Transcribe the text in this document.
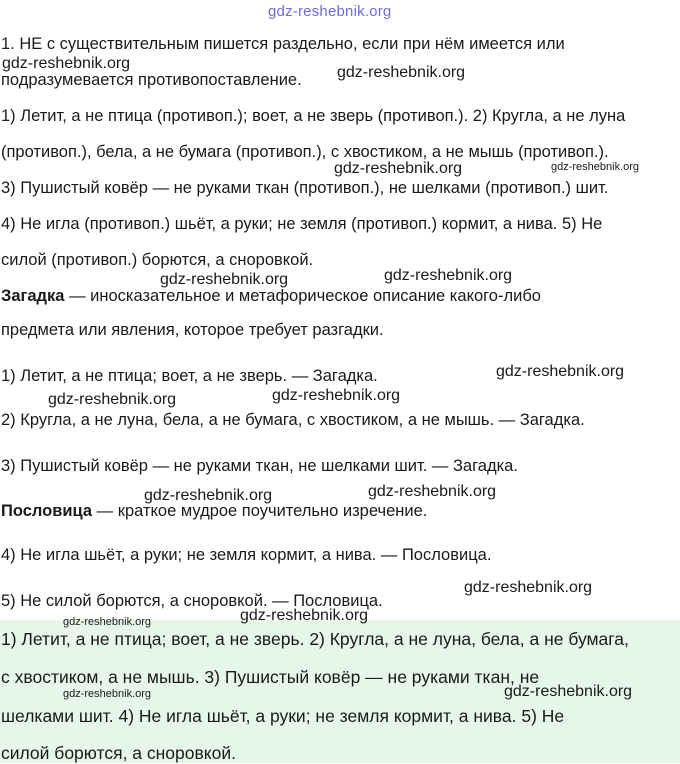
gdz-reshebnik.org

1. НЕ с существительным пишется раздельно, если при нём имеется или

подразумевается противопоставление.

1) Летит, а не птица (противоп.); воет, а не зверь (противоп.). 2) Кругла, а не луна

(противоп.), бела, а не бумага (противоп.), с хвостиком, а не мышь (противоп.).

3) Пушистый ковёр — не руками ткан (противоп.), не шелками (противоп.) шит.

4) Не игла (противоп.) шьёт, а руки; не земля (противоп.) кормит, а нива. 5) Не

силой (противоп.) борются, а сноровкой.

Загадка — иносказательное и метафорическое описание какого-либо

предмета или явления, которое требует разгадки.

1) Летит, а не птица; воет, а не зверь. — Загадка.

2) Кругла, а не луна, бела, а не бумага, с хвостиком, а не мышь. — Загадка.

3) Пушистый ковёр — не руками ткан, не шелками шит. — Загадка.

Пословица — краткое мудрое поучительно изречение.

4) Не игла шьёт, а руки; не земля кормит, а нива. — Пословица.

5) Не силой борются, а сноровкой. — Пословица.

1) Летит, а не птица; воет, а не зверь. 2) Кругла, а не луна, бела, а не бумага,

с хвостиком, а не мышь. 3) Пушистый ковёр — не руками ткан, не

шелками шит. 4) Не игла шьёт, а руки; не земля кормит, а нива. 5) Не

силой борются, а сноровкой.

gdz-reshebnik.org
gdz-reshebnik.org
gdz-reshebnik.org	gdz-reshebnik.org
gdz-reshebnik.org	gdz-reshebnik.org
gdz-reshebnik.org
gdz-reshebnik.org	gdz-reshebnik.org
gdz-reshebnik.org	gdz-reshebnik.org
gdz-reshebnik.org
gdz-reshebnik.org	gdz-reshebnik.org
gdz-reshebnik.org	gdz-reshebnik.org
